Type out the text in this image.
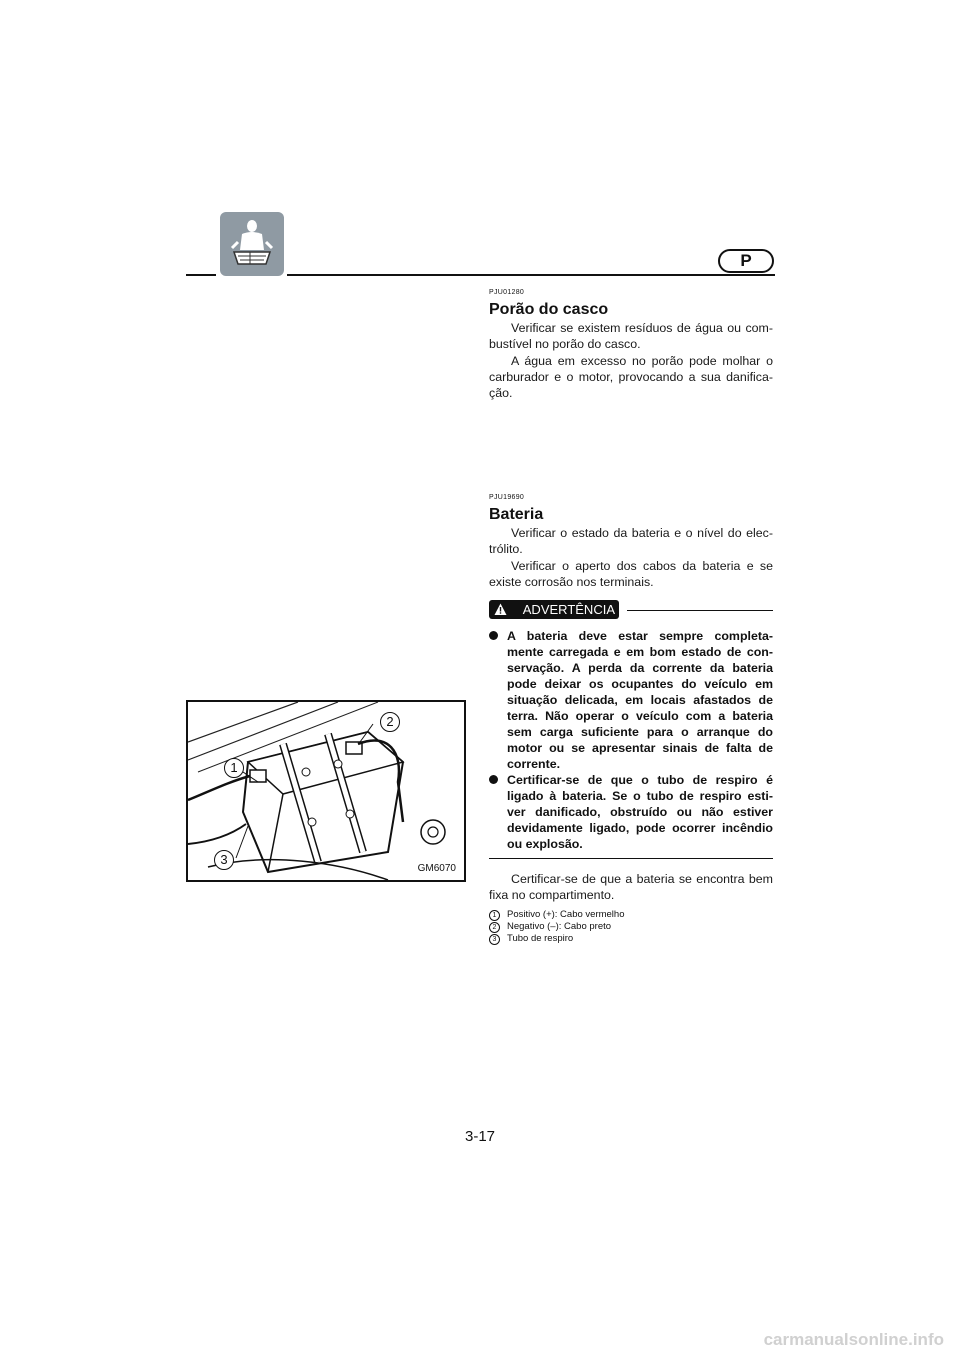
P
PJU01280
Porão do casco

Verificar se existem resíduos de água ou com- bustível no porão do casco.

A água em excesso no porão pode molhar o carburador e o motor, provocando a sua danifica- ção.

PJU19690
Bateria

Verificar o estado da bateria e o nível do elec- trólito.

Verificar o aperto dos cabos da bateria e se existe corrosão nos terminais.

ADVERTÊNCIA
A bateria deve estar sempre completa- mente carregada e em bom estado de con- servação. A perda da corrente da bateria pode deixar os ocupantes do veículo em situação delicada, em locais afastados de terra. Não operar o veículo com a bateria sem carga suficiente para o arranque do motor ou se apresentar sinais de falta de corrente.
Certificar-se de que o tubo de respiro é ligado à bateria. Se o tubo de respiro esti- ver danificado, obstruído ou não estiver devidamente ligado, pode ocorrer incêndio ou explosão.

Certificar-se de que a bateria se encontra bem fixa no compartimento.

1	Positivo (+): Cabo vermelho
2	Negativo (–): Cabo preto
3	Tubo de respiro
1
2
3
GM6070
3-17
carmanualsonline.info
